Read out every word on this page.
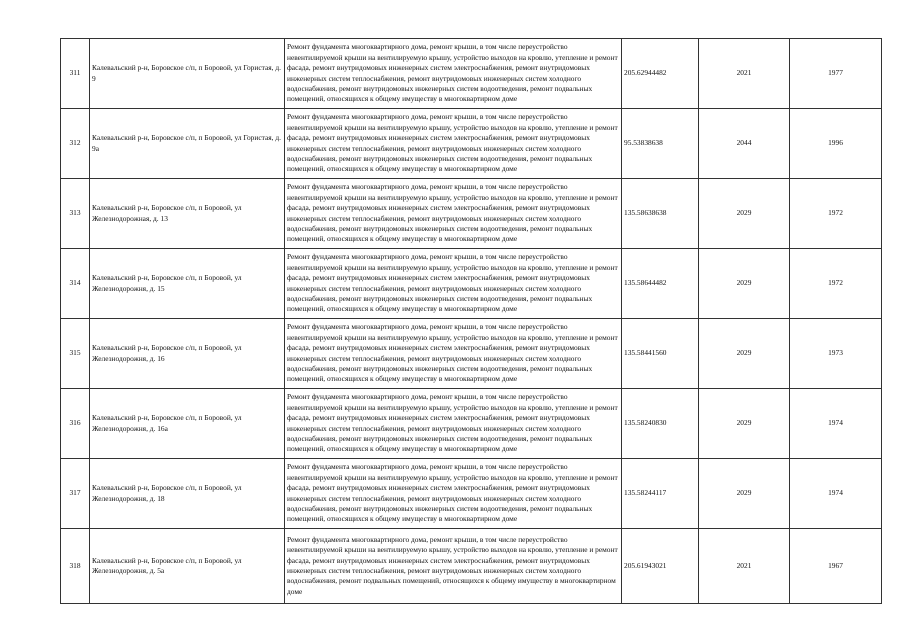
311	Калевальский р-н, Боровское с/п, п Боровой, ул Гористая, д. 9	Ремонт фундамента многоквартирного дома, ремонт крыши, в том числе переустройство невентилируемой крыши на вентилируемую крышу, устройство выходов на кровлю, утепление и ремонт фасада, ремонт внутридомовых инженерных систем электроснабжения, ремонт внутридомовых инженерных систем теплоснабжения, ремонт внутридомовых инженерных систем холодного водоснабжения, ремонт внутридомовых инженерных систем водоотведения, ремонт подвальных помещений, относящихся к общему имуществу в многоквартирном доме	205.62944482	2021	1977
312	Калевальский р-н, Боровское с/п, п Боровой, ул Гористая, д. 9а	Ремонт фундамента многоквартирного дома, ремонт крыши, в том числе переустройство невентилируемой крыши на вентилируемую крышу, устройство выходов на кровлю, утепление и ремонт фасада, ремонт внутридомовых инженерных систем электроснабжения, ремонт внутридомовых инженерных систем теплоснабжения, ремонт внутридомовых инженерных систем холодного водоснабжения, ремонт внутридомовых инженерных систем водоотведения, ремонт подвальных помещений, относящихся к общему имуществу в многоквартирном доме	95.53838638	2044	1996
313	Калевальский р-н, Боровское с/п, п Боровой, ул Железнодорожная, д. 13	Ремонт фундамента многоквартирного дома, ремонт крыши, в том числе переустройство невентилируемой крыши на вентилируемую крышу, устройство выходов на кровлю, утепление и ремонт фасада, ремонт внутридомовых инженерных систем электроснабжения, ремонт внутридомовых инженерных систем теплоснабжения, ремонт внутридомовых инженерных систем холодного водоснабжения, ремонт внутридомовых инженерных систем водоотведения, ремонт подвальных помещений, относящихся к общему имуществу в многоквартирном доме	135.58638638	2029	1972
314	Калевальский р-н, Боровское с/п, п Боровой, ул Железнодорожня, д. 15	Ремонт фундамента многоквартирного дома, ремонт крыши, в том числе переустройство невентилируемой крыши на вентилируемую крышу, устройство выходов на кровлю, утепление и ремонт фасада, ремонт внутридомовых инженерных систем электроснабжения, ремонт внутридомовых инженерных систем теплоснабжения, ремонт внутридомовых инженерных систем холодного водоснабжения, ремонт внутридомовых инженерных систем водоотведения, ремонт подвальных помещений, относящихся к общему имуществу в многоквартирном доме	135.58644482	2029	1972
315	Калевальский р-н, Боровское с/п, п Боровой, ул Железнодорожня, д. 16	Ремонт фундамента многоквартирного дома, ремонт крыши, в том числе переустройство невентилируемой крыши на вентилируемую крышу, устройство выходов на кровлю, утепление и ремонт фасада, ремонт внутридомовых инженерных систем электроснабжения, ремонт внутридомовых инженерных систем теплоснабжения, ремонт внутридомовых инженерных систем холодного водоснабжения, ремонт внутридомовых инженерных систем водоотведения, ремонт подвальных помещений, относящихся к общему имуществу в многоквартирном доме	135.58441560	2029	1973
316	Калевальский р-н, Боровское с/п, п Боровой, ул Железнодорожня, д. 16а	Ремонт фундамента многоквартирного дома, ремонт крыши, в том числе переустройство невентилируемой крыши на вентилируемую крышу, устройство выходов на кровлю, утепление и ремонт фасада, ремонт внутридомовых инженерных систем электроснабжения, ремонт внутридомовых инженерных систем теплоснабжения, ремонт внутридомовых инженерных систем холодного водоснабжения, ремонт внутридомовых инженерных систем водоотведения, ремонт подвальных помещений, относящихся к общему имуществу в многоквартирном доме	135.58240830	2029	1974
317	Калевальский р-н, Боровское с/п, п Боровой, ул Железнодорожня, д. 18	Ремонт фундамента многоквартирного дома, ремонт крыши, в том числе переустройство невентилируемой крыши на вентилируемую крышу, устройство выходов на кровлю, утепление и ремонт фасада, ремонт внутридомовых инженерных систем электроснабжения, ремонт внутридомовых инженерных систем теплоснабжения, ремонт внутридомовых инженерных систем холодного водоснабжения, ремонт внутридомовых инженерных систем водоотведения, ремонт подвальных помещений, относящихся к общему имуществу в многоквартирном доме	135.58244117	2029	1974
318	Калевальский р-н, Боровское с/п, п Боровой, ул Железнодорожня, д. 5а	Ремонт фундамента многоквартирного дома, ремонт крыши, в том числе переустройство невентилируемой крыши на вентилируемую крышу, устройство выходов на кровлю, утепление и ремонт фасада, ремонт внутридомовых инженерных систем электроснабжения, ремонт внутридомовых инженерных систем теплоснабжения, ремонт внутридомовых инженерных систем холодного водоснабжения, ремонт подвальных помещений, относящихся к общему имуществу в многоквартирном доме	205.61943021	2021	1967
